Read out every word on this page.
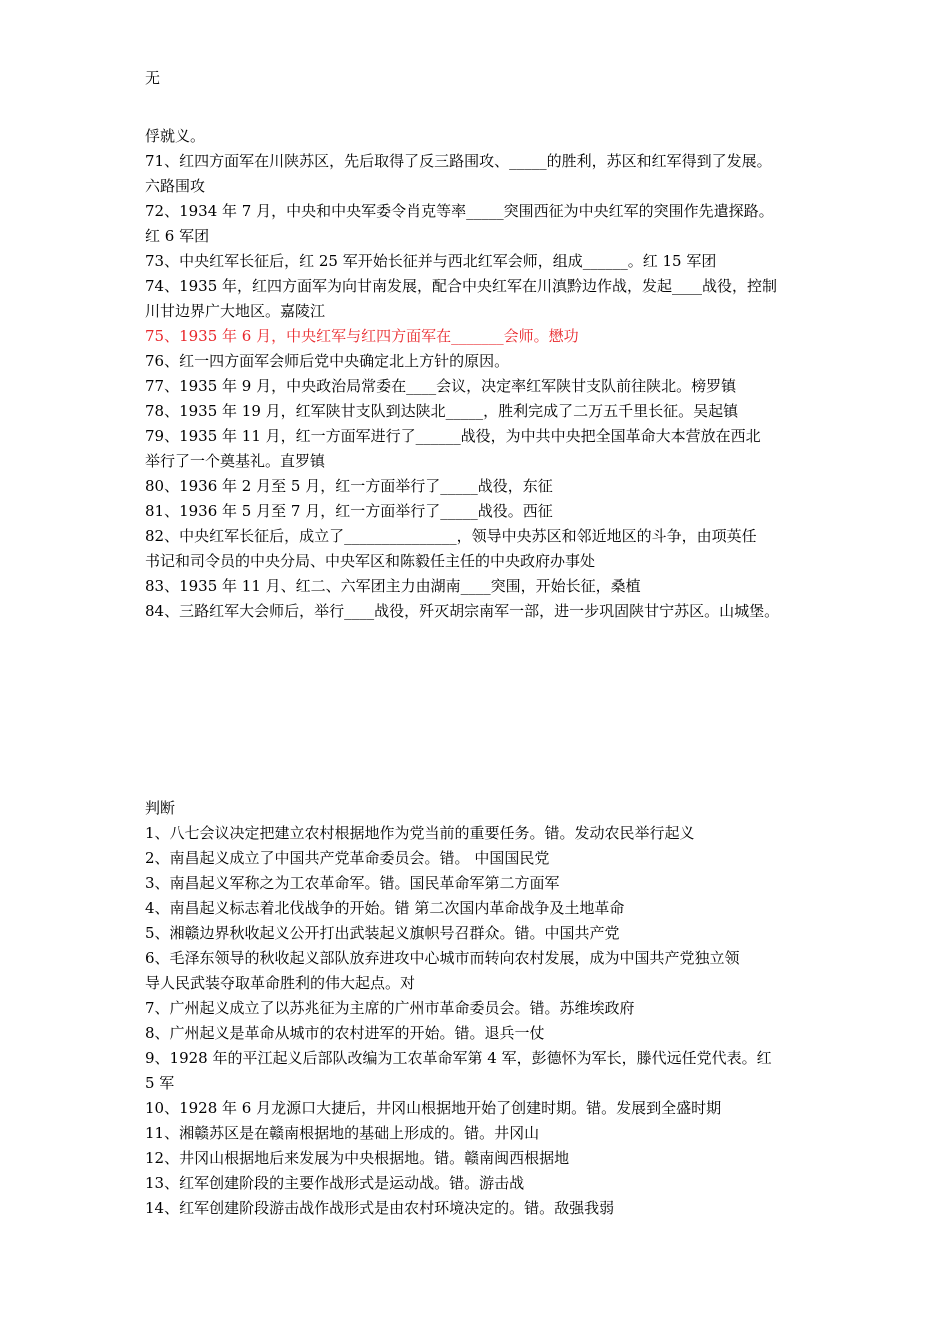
无
俘就义。
71、红四方面军在川陕苏区，先后取得了反三路围攻、_____的胜利，苏区和红军得到了发展。
六路围攻
72、1934 年 7 月，中央和中央军委令肖克等率_____突围西征为中央红军的突围作先遣探路。
红 6 军团
73、中央红军长征后，红 25 军开始长征并与西北红军会师，组成______。红 15 军团
74、1935 年，红四方面军为向甘南发展，配合中央红军在川滇黔边作战，发起____战役，控制
川甘边界广大地区。嘉陵江
75、1935 年 6 月，中央红军与红四方面军在_______会师。懋功
76、红一四方面军会师后党中央确定北上方针的原因。
77、1935 年 9 月，中央政治局常委在____会议，决定率红军陕甘支队前往陕北。榜罗镇
78、1935 年 19 月，红军陕甘支队到达陕北_____，胜利完成了二万五千里长征。吴起镇
79、1935 年 11 月，红一方面军进行了______战役，为中共中央把全国革命大本营放在西北
举行了一个奠基礼。直罗镇
80、1936 年 2 月至 5 月，红一方面举行了_____战役，东征
81、1936 年 5 月至 7 月，红一方面举行了_____战役。西征
82、中央红军长征后，成立了_______________，领导中央苏区和邻近地区的斗争，由项英任
书记和司令员的中央分局、中央军区和陈毅任主任的中央政府办事处
83、1935 年 11 月、红二、六军团主力由湖南____突围，开始长征，桑植
84、三路红军大会师后，举行____战役，歼灭胡宗南军一部，进一步巩固陕甘宁苏区。山城堡。
判断
1、八七会议决定把建立农村根据地作为党当前的重要任务。错。发动农民举行起义
2、南昌起义成立了中国共产党革命委员会。错。 中国国民党
3、南昌起义军称之为工农革命军。错。国民革命军第二方面军
4、南昌起义标志着北伐战争的开始。错 第二次国内革命战争及土地革命
5、湘赣边界秋收起义公开打出武装起义旗帜号召群众。错。中国共产党
6、毛泽东领导的秋收起义部队放弃进攻中心城市而转向农村发展，成为中国共产党独立领
导人民武装夺取革命胜利的伟大起点。对
7、广州起义成立了以苏兆征为主席的广州市革命委员会。错。苏维埃政府
8、广州起义是革命从城市的农村进军的开始。错。退兵一仗
9、1928 年的平江起义后部队改编为工农革命军第 4 军，彭德怀为军长，滕代远任党代表。红
5 军
10、1928 年 6 月龙源口大捷后，井冈山根据地开始了创建时期。错。发展到全盛时期
11、湘赣苏区是在赣南根据地的基础上形成的。错。井冈山
12、井冈山根据地后来发展为中央根据地。错。赣南闽西根据地
13、红军创建阶段的主要作战形式是运动战。错。游击战
14、红军创建阶段游击战作战形式是由农村环境决定的。错。敌强我弱
